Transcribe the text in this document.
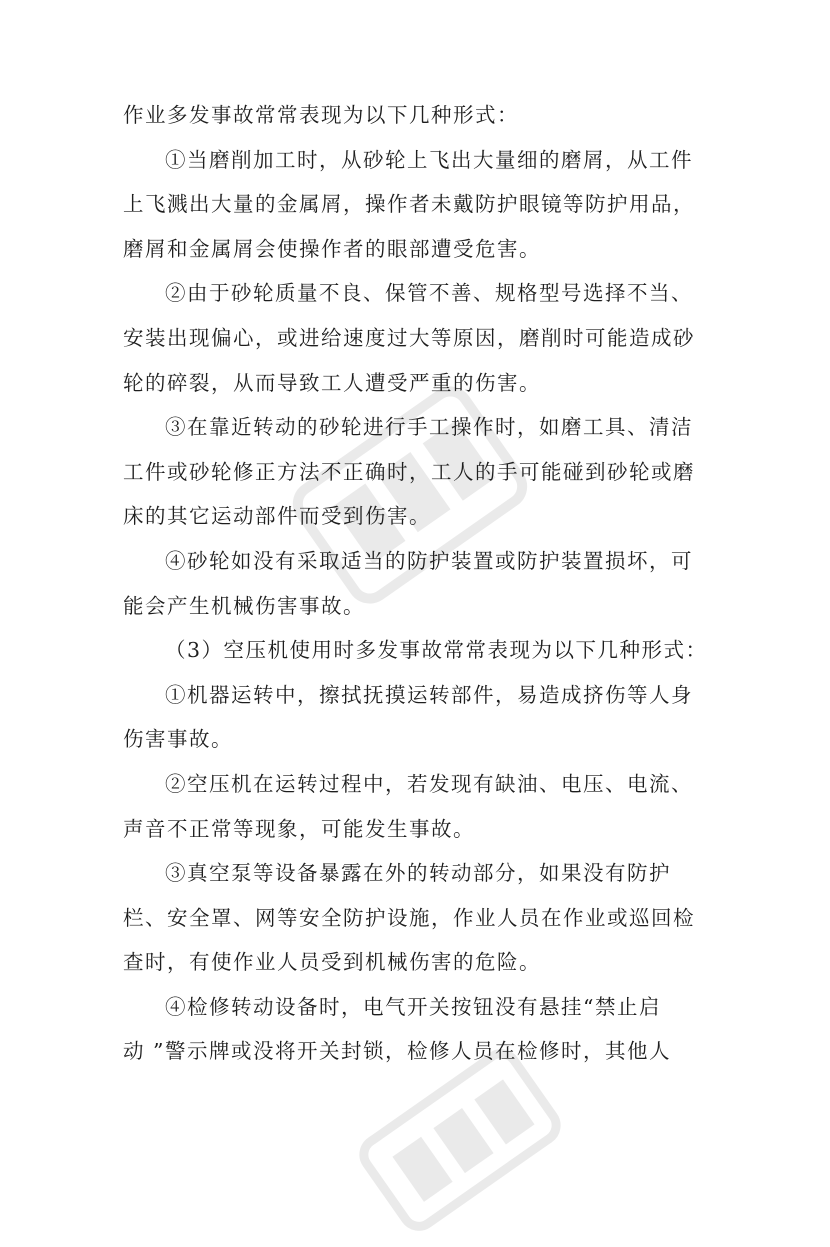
作业多发事故常常表现为以下几种形式：
①当磨削加工时，从砂轮上飞出大量细的磨屑，从工件
上飞溅出大量的金属屑，操作者未戴防护眼镜等防护用品，
磨屑和金属屑会使操作者的眼部遭受危害。
②由于砂轮质量不良、保管不善、规格型号选择不当、
安装出现偏心，或进给速度过大等原因，磨削时可能造成砂
轮的碎裂，从而导致工人遭受严重的伤害。
③在靠近转动的砂轮进行手工操作时，如磨工具、清洁
工件或砂轮修正方法不正确时，工人的手可能碰到砂轮或磨
床的其它运动部件而受到伤害。
④砂轮如没有采取适当的防护装置或防护装置损坏，可
能会产生机械伤害事故。
（3）空压机使用时多发事故常常表现为以下几种形式：
①机器运转中，擦拭抚摸运转部件，易造成挤伤等人身
伤害事故。
②空压机在运转过程中，若发现有缺油、电压、电流、
声音不正常等现象，可能发生事故。
③真空泵等设备暴露在外的转动部分，如果没有防护
栏、安全罩、网等安全防护设施，作业人员在作业或巡回检
查时，有使作业人员受到机械伤害的危险。
④检修转动设备时，电气开关按钮没有悬挂“禁止启
动 ”警示牌或没将开关封锁，检修人员在检修时，其他人
